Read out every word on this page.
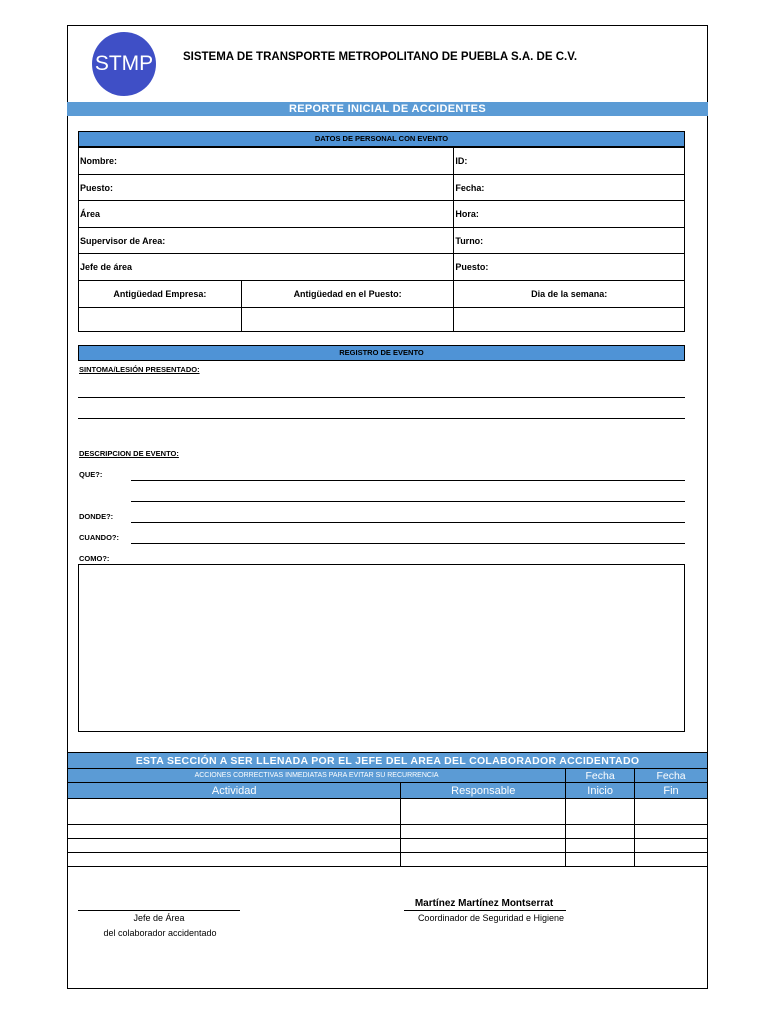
STMP	SISTEMA DE TRANSPORTE METROPOLITANO DE PUEBLA S.A. DE C.V.
REPORTE INICIAL DE ACCIDENTES
DATOS DE PERSONAL CON EVENTO
Nombre:	ID:
Puesto:	Fecha:
Área	Hora:
Supervisor de Area:	Turno:
Jefe de área	Puesto:
Antigüedad Empresa:	Antigüedad en el Puesto:	Dia de la semana:

REGISTRO DE EVENTO
SINTOMA/LESIÓN PRESENTADO:
DESCRIPCION DE EVENTO:
QUE?:
DONDE?:
CUANDO?:
COMO?:
ESTA SECCIÓN A SER LLENADA POR EL JEFE DEL AREA DEL COLABORADOR ACCIDENTADO			
ACCIONES CORRECTIVAS INMEDIATAS PARA EVITAR SU RECURRENCIA		Fecha	Fecha
Actividad	Responsable	Inicio	Fin

Jefe de Área
del colaborador accidentado
Martínez Martínez Montserrat
Coordinador de Seguridad e Higiene
